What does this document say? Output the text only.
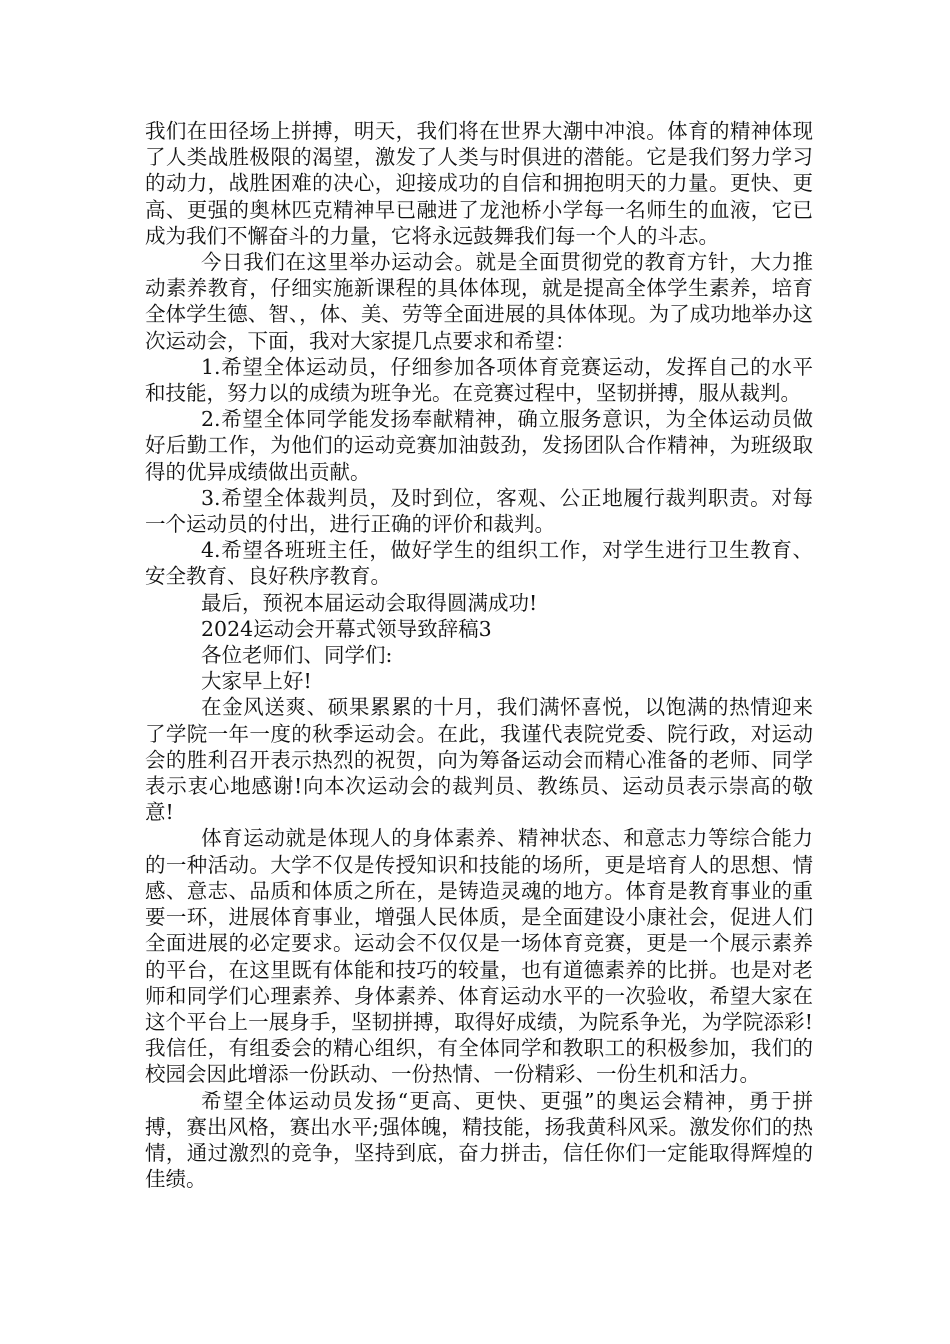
我们在田径场上拼搏，明天，我们将在世界大潮中冲浪。体育的精神体现了人类战胜极限的渴望，激发了人类与时俱进的潜能。它是我们努力学习的动力，战胜困难的决心，迎接成功的自信和拥抱明天的力量。更快、更高、更强的奥林匹克精神早已融进了龙池桥小学每一名师生的血液，它已成为我们不懈奋斗的力量，它将永远鼓舞我们每一个人的斗志。

今日我们在这里举办运动会。就是全面贯彻党的教育方针，大力推动素养教育，仔细实施新课程的具体体现，就是提高全体学生素养，培育全体学生德、智、，体、美、劳等全面进展的具体体现。为了成功地举办这次运动会，下面，我对大家提几点要求和希望：

1.希望全体运动员，仔细参加各项体育竞赛运动，发挥自己的水平和技能，努力以的成绩为班争光。在竞赛过程中，坚韧拼搏，服从裁判。

2.希望全体同学能发扬奉献精神，确立服务意识，为全体运动员做好后勤工作，为他们的运动竞赛加油鼓劲，发扬团队合作精神，为班级取得的优异成绩做出贡献。

3.希望全体裁判员，及时到位，客观、公正地履行裁判职责。对每一个运动员的付出，进行正确的评价和裁判。

4.希望各班班主任，做好学生的组织工作，对学生进行卫生教育、安全教育、良好秩序教育。

最后，预祝本届运动会取得圆满成功!

2024运动会开幕式领导致辞稿3

各位老师们、同学们:

大家早上好!

在金风送爽、硕果累累的十月，我们满怀喜悦，以饱满的热情迎来了学院一年一度的秋季运动会。在此，我谨代表院党委、院行政，对运动会的胜利召开表示热烈的祝贺，向为筹备运动会而精心准备的老师、同学表示衷心地感谢!向本次运动会的裁判员、教练员、运动员表示崇高的敬意!

体育运动就是体现人的身体素养、精神状态、和意志力等综合能力的一种活动。大学不仅是传授知识和技能的场所，更是培育人的思想、情感、意志、品质和体质之所在，是铸造灵魂的地方。体育是教育事业的重要一环，进展体育事业，增强人民体质，是全面建设小康社会，促进人们全面进展的必定要求。运动会不仅仅是一场体育竞赛，更是一个展示素养的平台，在这里既有体能和技巧的较量，也有道德素养的比拼。也是对老师和同学们心理素养、身体素养、体育运动水平的一次验收，希望大家在这个平台上一展身手，坚韧拼搏，取得好成绩，为院系争光，为学院添彩!我信任，有组委会的精心组织，有全体同学和教职工的积极参加，我们的校园会因此增添一份跃动、一份热情、一份精彩、一份生机和活力。

希望全体运动员发扬“更高、更快、更强”的奥运会精神，勇于拼搏，赛出风格，赛出水平;强体魄，精技能，扬我黄科风采。激发你们的热情，通过激烈的竞争，坚持到底，奋力拼击，信任你们一定能取得辉煌的佳绩。
